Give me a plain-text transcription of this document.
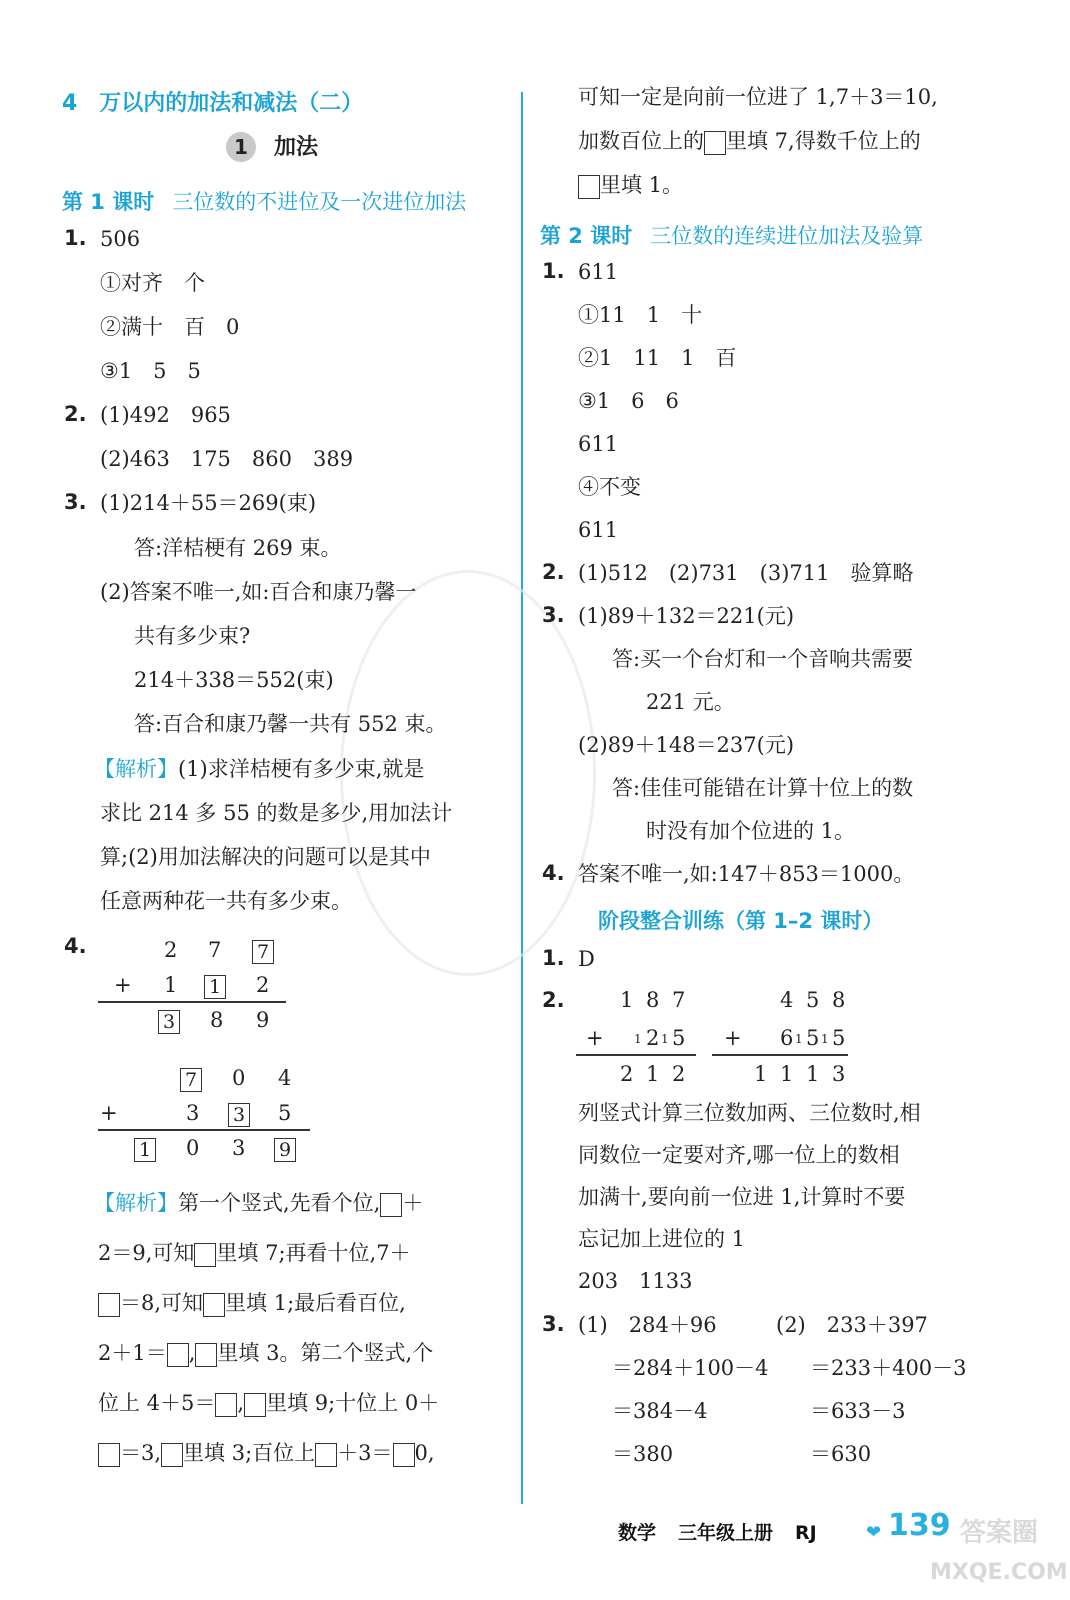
4　万以内的加法和减法（二）
1 加法
第 1 课时 三位数的不进位及一次进位加法
1. 506
①对齐　个
②满十　百　0
③1　5　5
2. (1)492　965
(2)463　175　860　389
3. (1)214＋55＝269(束)
答:洋桔梗有 269 束。
(2)答案不唯一,如:百合和康乃馨一
共有多少束?
214＋338＝552(束)
答:百合和康乃馨一共有 552 束。
【解析】(1)求洋桔梗有多少束,就是
求比 214 多 55 的数是多少,用加法计
算;(2)用加法解决的问题可以是其中
任意两种花一共有多少束。
4.	2 7 7
+ 1 1 2
3 8 9
7 0 4
+	3 3 5
1 0 3 9
【解析】第一个竖式,先看个位, ＋
2＝9,可知 里填 7;再看十位,7＋
＝8,可知 里填 1;最后看百位,
2＋1＝ , 里填 3。第二个竖式,个
位上 4＋5＝ , 里填 9;十位上 0＋
＝3, 里填 3;百位上 ＋3＝ 0,
可知一定是向前一位进了 1,7＋3＝10,
加数百位上的 里填 7,得数千位上的
里填 1。
第 2 课时 三位数的连续进位加法及验算
1. 611
①11　1　十
②1　11　1　百
③1　6　6
611
④不变
611
2. (1)512　(2)731　(3)711　验算略
3. (1)89＋132＝221(元)
答:买一个台灯和一个音响共需要
221 元。
(2)89＋148＝237(元)
答:佳佳可能错在计算十位上的数
时没有加个位进的 1。
4. 答案不唯一,如:147＋853＝1000。
阶段整合训练（第 1–2 课时）
1. D
2.	1 8 7
+	1 2 1 5
2 1 2
4 5 8
+ 6 1 5 1 5
1 1 1 3
列竖式计算三位数加两、三位数时,相
同数位一定要对齐,哪一位上的数相
加满十,要向前一位进 1,计算时不要
忘记加上进位的 1
203　1133
3. (1)　284＋96
＝284＋100－4
＝384－4
＝380
(2)　233＋397
＝233＋400－3
＝633－3
＝630
数学 三年级上册 RJ	❤ 139 答案圈
MXQE.COM
